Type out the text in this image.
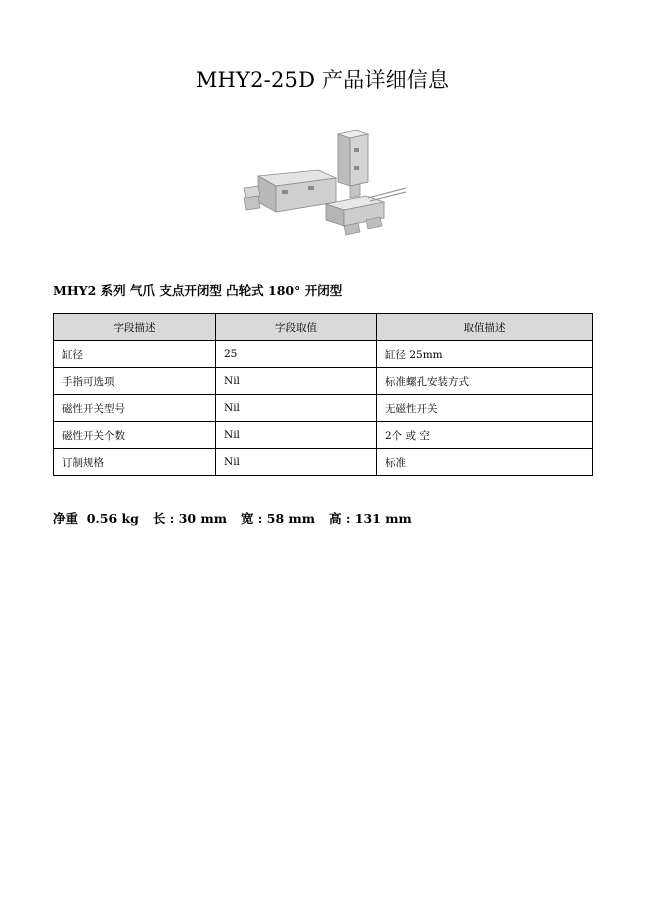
MHY2-25D 产品详细信息
MHY2 系列 气爪 支点开闭型 凸轮式 180° 开闭型
字段描述	字段取值	取值描述
缸径	25	缸径 25mm
手指可选项	Nil	标准螺孔安装方式
磁性开关型号	Nil	无磁性开关
磁性开关个数	Nil	2个 或 空
订制规格	Nil	标准
净重  0.56 kg 长 : 30 mm 宽 : 58 mm 高 : 131 mm
